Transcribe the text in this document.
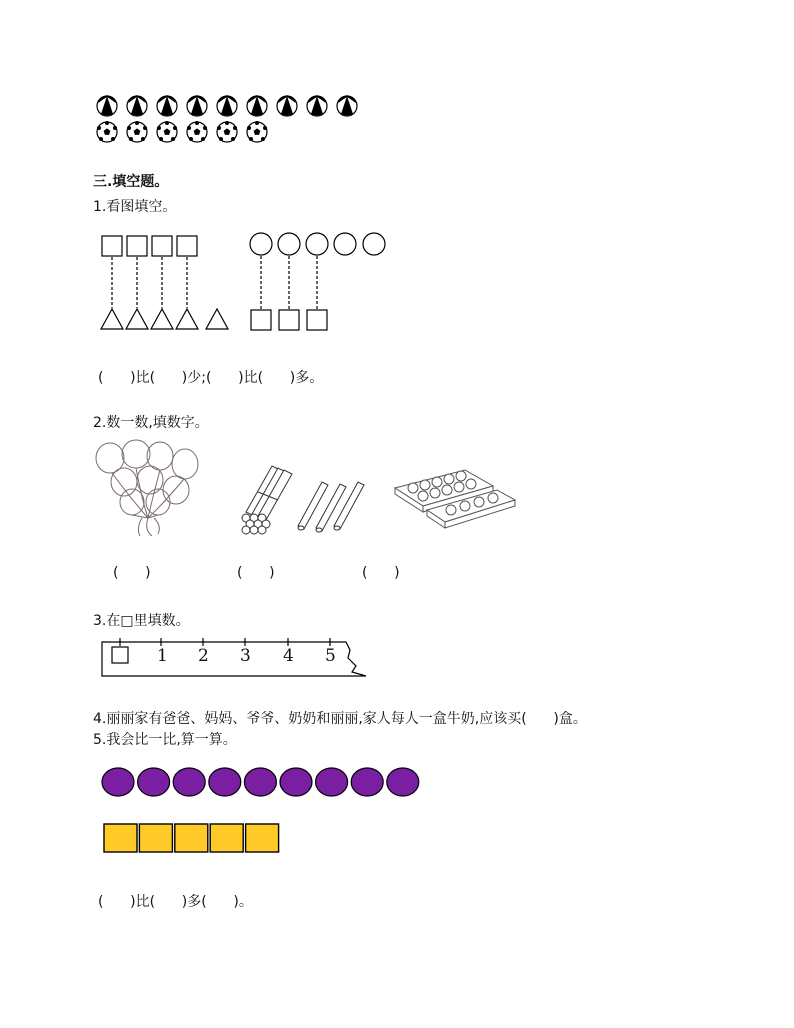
三.填空题。
1.看图填空。
(      )比(      )少;(      )比(      )多。
2.数一数,填数字。
(      )	(      )	(      )
3.在□里填数。
1 2 3 4 5
4.丽丽家有爸爸、妈妈、爷爷、奶奶和丽丽,家人每人一盒牛奶,应该买(      )盒。
5.我会比一比,算一算。
(      )比(      )多(      )。
